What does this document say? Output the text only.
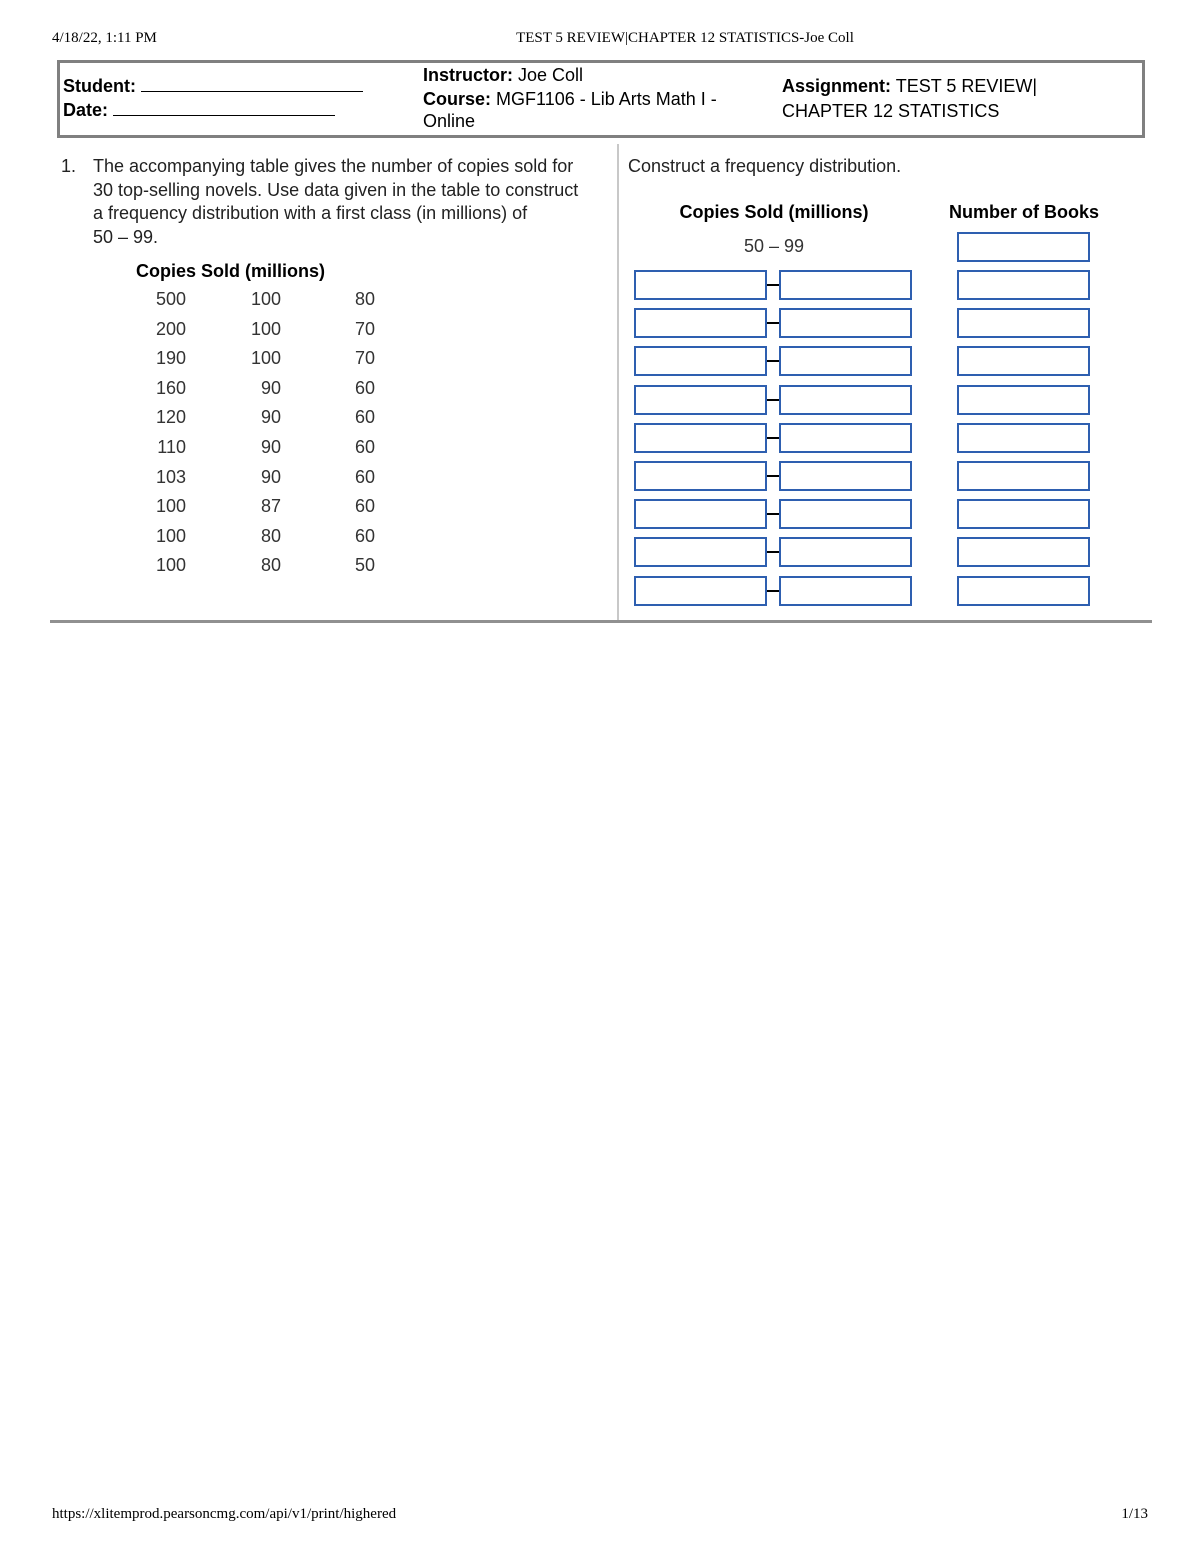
4/18/22, 1:11 PM	TEST 5 REVIEW|CHAPTER 12 STATISTICS-Joe Coll
Student:
Date:
Instructor: Joe Coll
Course: MGF1106 - Lib Arts Math I -
Online
Assignment: TEST 5 REVIEW|
CHAPTER 12 STATISTICS
1. The accompanying table gives the number of copies sold for
30 top-selling novels. Use data given in the table to construct
a frequency distribution with a first class (in millions) of
50 – 99.
Copies Sold (millions)
500	100	80
200	100	70
190	100	70
160	90	60
120	90	60
110	90	60
103	90	60
100	87	60
100	80	60
100	80	50
Construct a frequency distribution.
Copies Sold (millions)	Number of Books
50 – 99
https://xlitemprod.pearsoncmg.com/api/v1/print/highered	1/13
